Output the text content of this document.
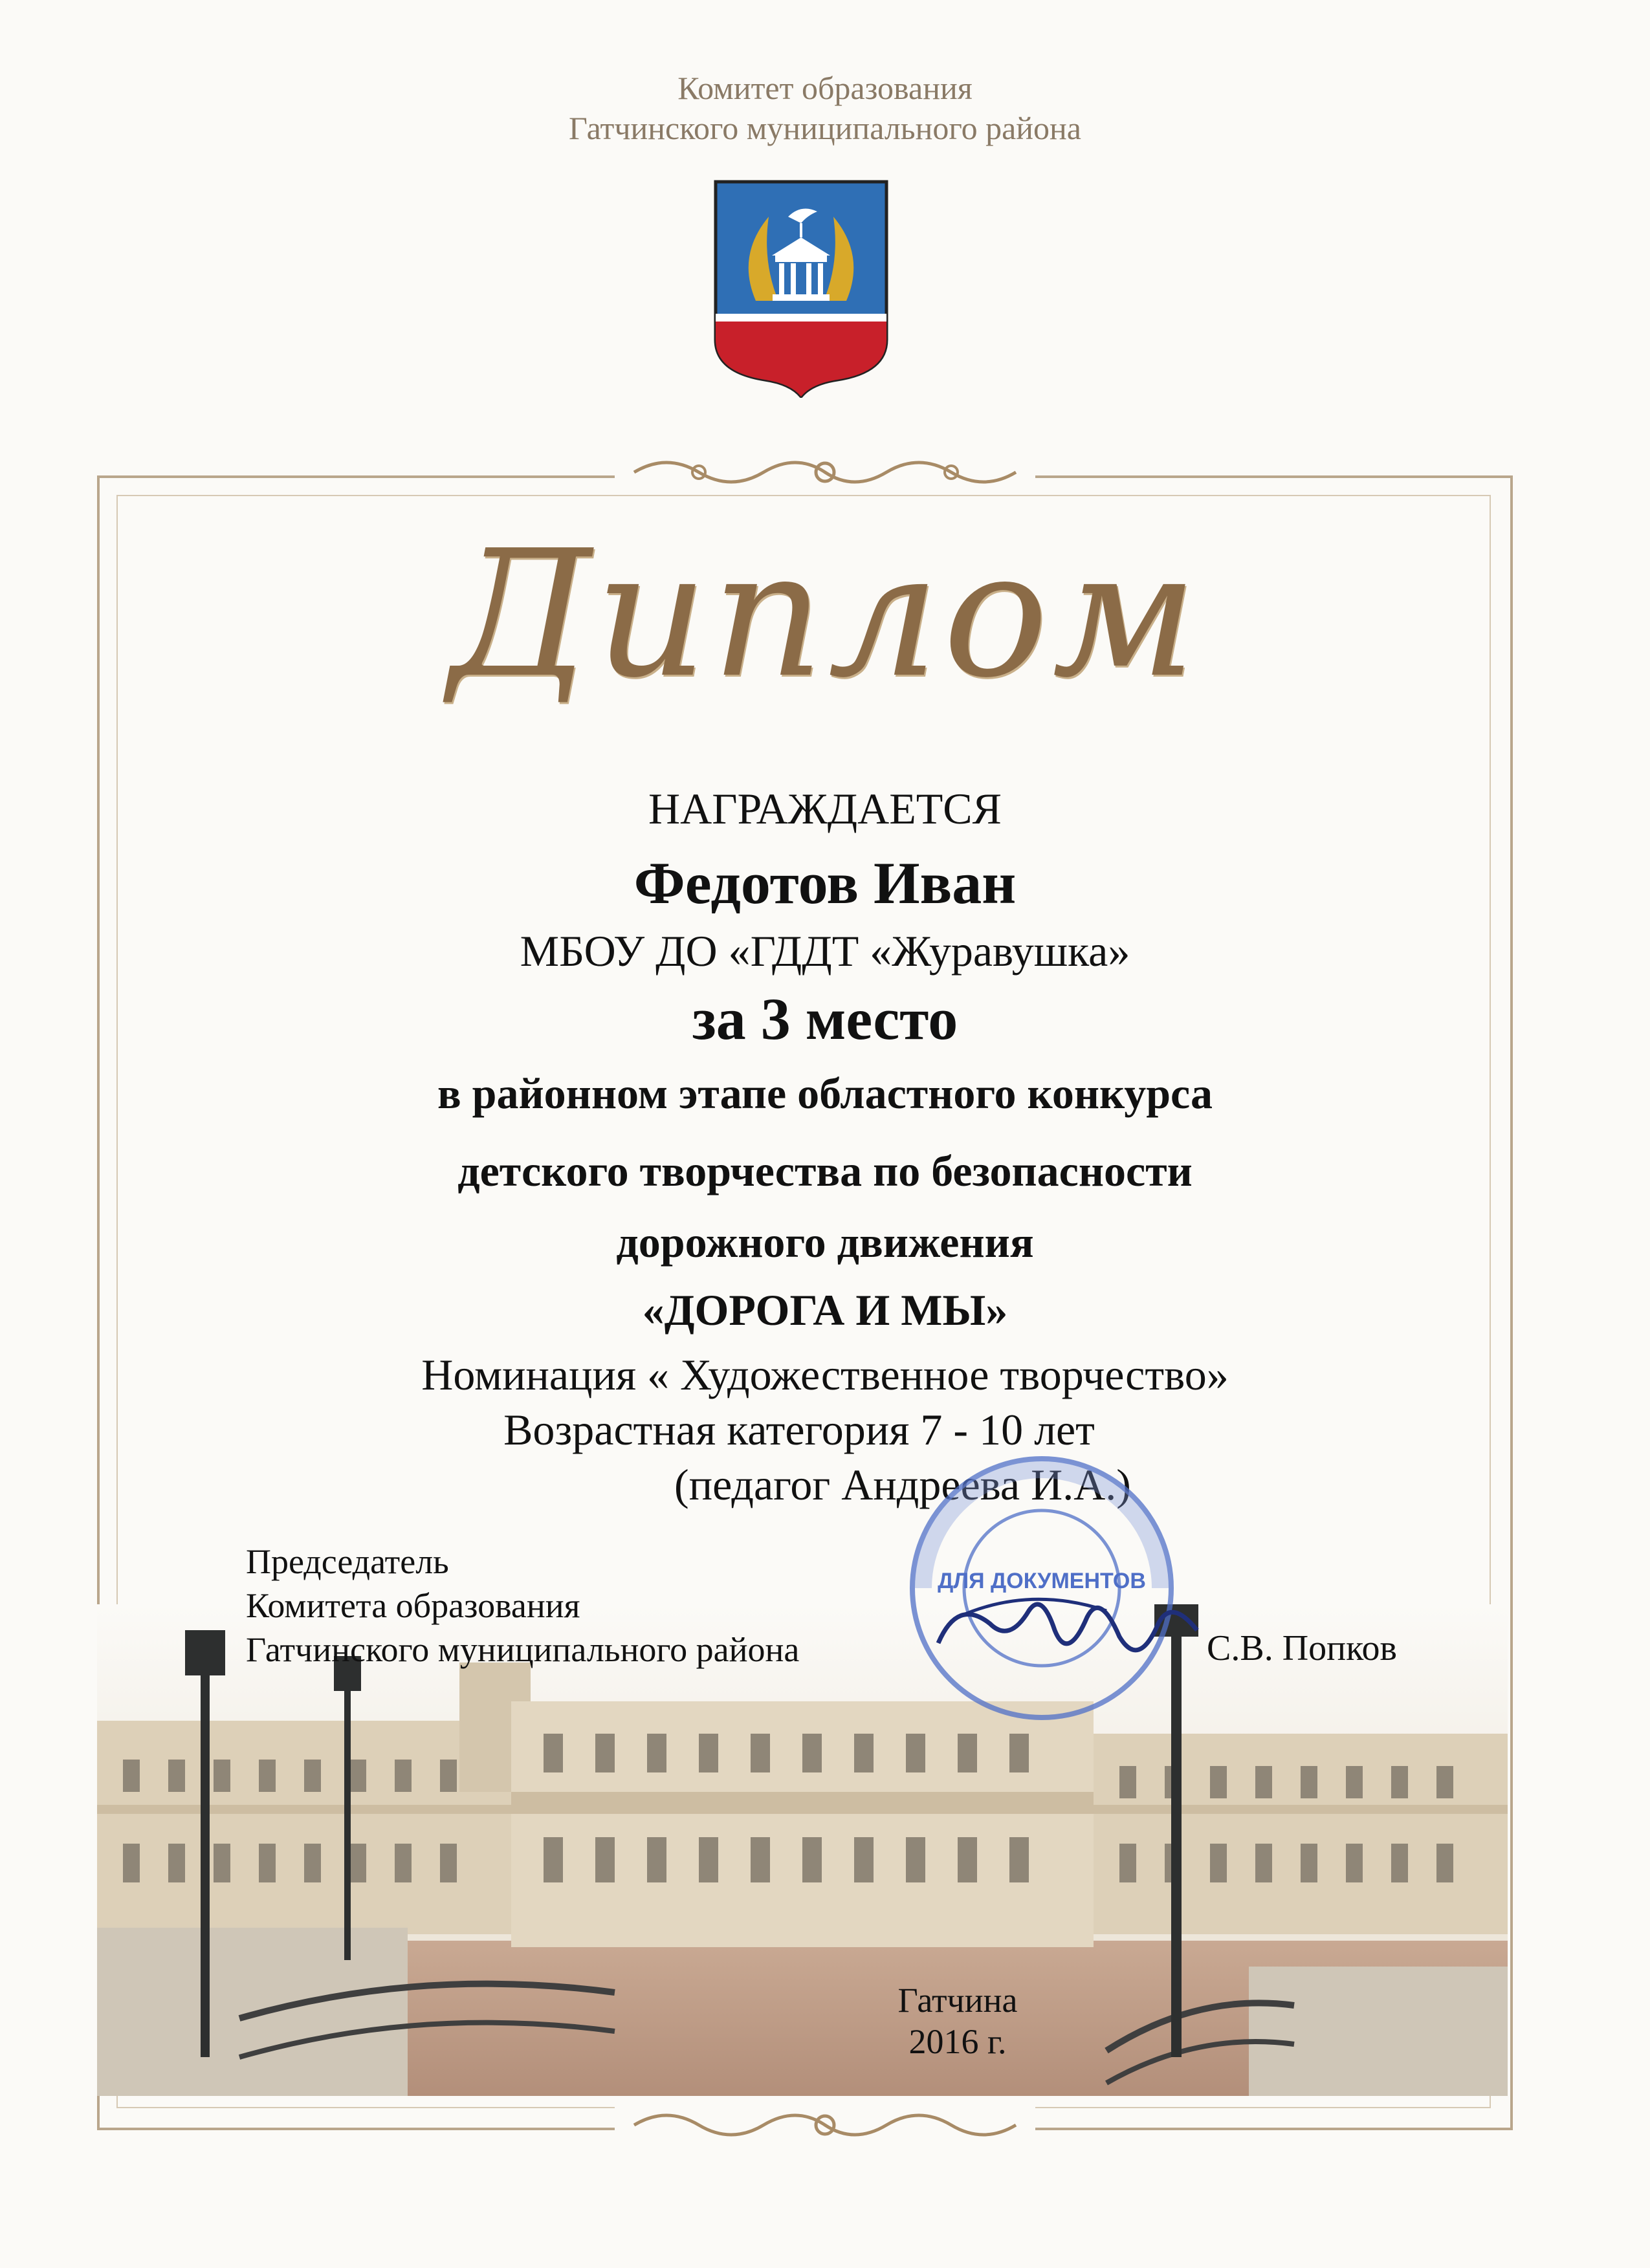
Комитет образования
Гатчинского муниципального района
Диплом
НАГРАЖДАЕТСЯ
Федотов Иван
МБОУ ДО «ГДДТ «Журавушка»
за 3 место
в районном этапе областного конкурса
детского творчества по безопасности
дорожного движения
«ДОРОГА И МЫ»
Номинация « Художественное творчество»
Возрастная категория 7 - 10 лет
(педагог Андреева И.А.)
Председатель
Комитета образования
Гатчинского муниципального района
ДЛЯ ДОКУМЕНТОВ
С.В. Попков
Гатчина
2016 г.
